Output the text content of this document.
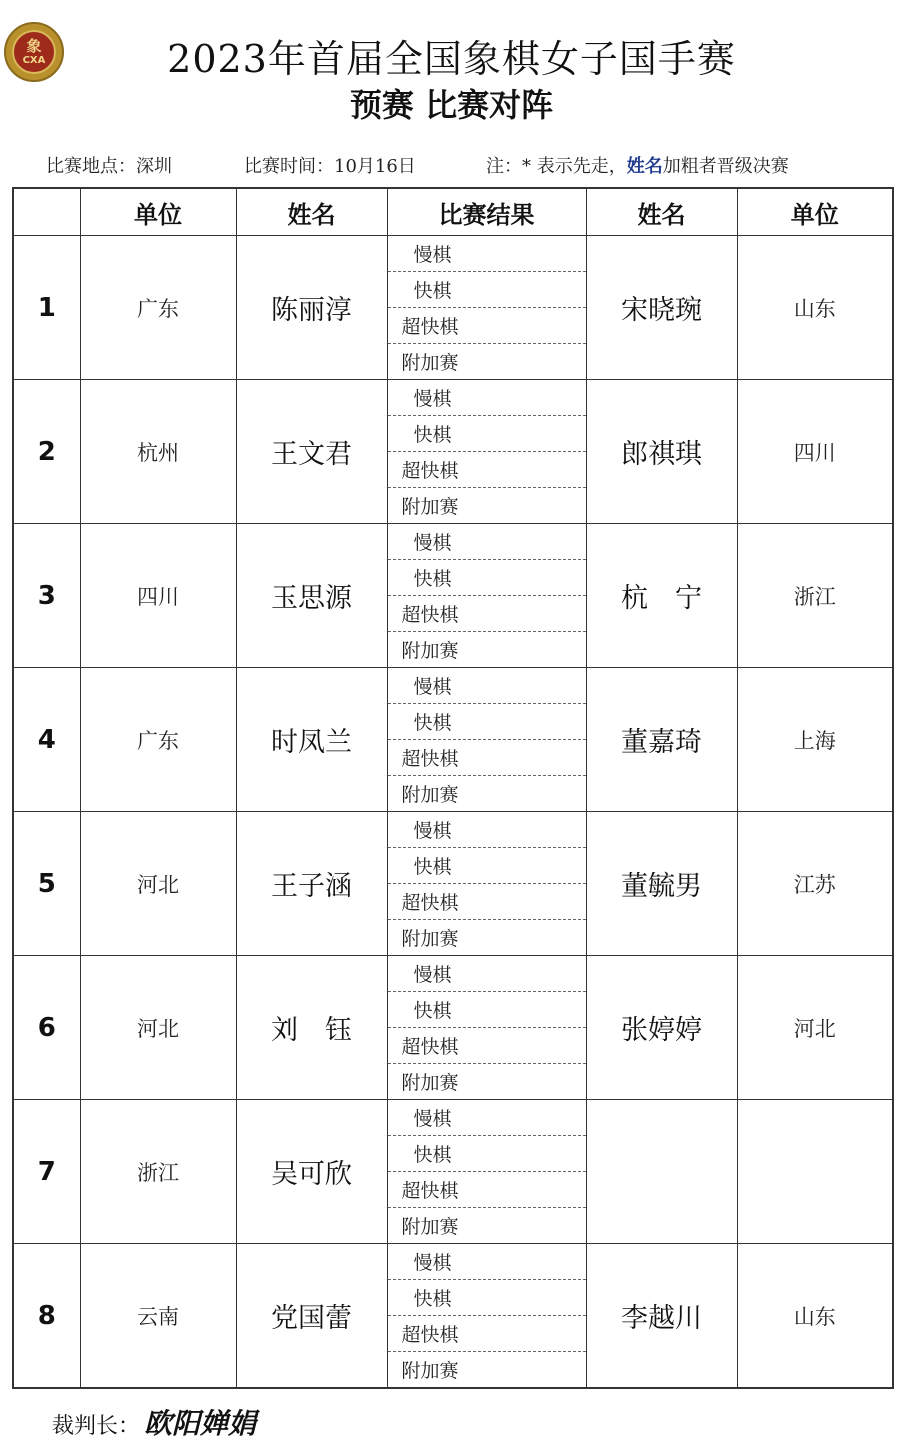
象
CXA	2023年首届全国象棋女子国手赛
预赛 比赛对阵
比赛地点：深圳	比赛时间：10月16日	注：* 表示先走，姓名加粗者晋级决赛
	单位	姓名	比赛结果	姓名	单位
1	广东	陈丽淳	慢棋
快棋
超快棋
附加赛	宋晓琬	山东
2	杭州	王文君	慢棋
快棋
超快棋
附加赛	郎祺琪	四川
3	四川	玉思源	慢棋
快棋
超快棋
附加赛	杭　宁	浙江
4	广东	时凤兰	慢棋
快棋
超快棋
附加赛	董嘉琦	上海
5	河北	王子涵	慢棋
快棋
超快棋
附加赛	董毓男	江苏
6	河北	刘　钰	慢棋
快棋
超快棋
附加赛	张婷婷	河北
7	浙江	吴可欣	慢棋
快棋
超快棋
附加赛		

8	云南	党国蕾	慢棋
快棋
超快棋
附加赛	李越川	山东
裁判长： 欧阳婵娟
